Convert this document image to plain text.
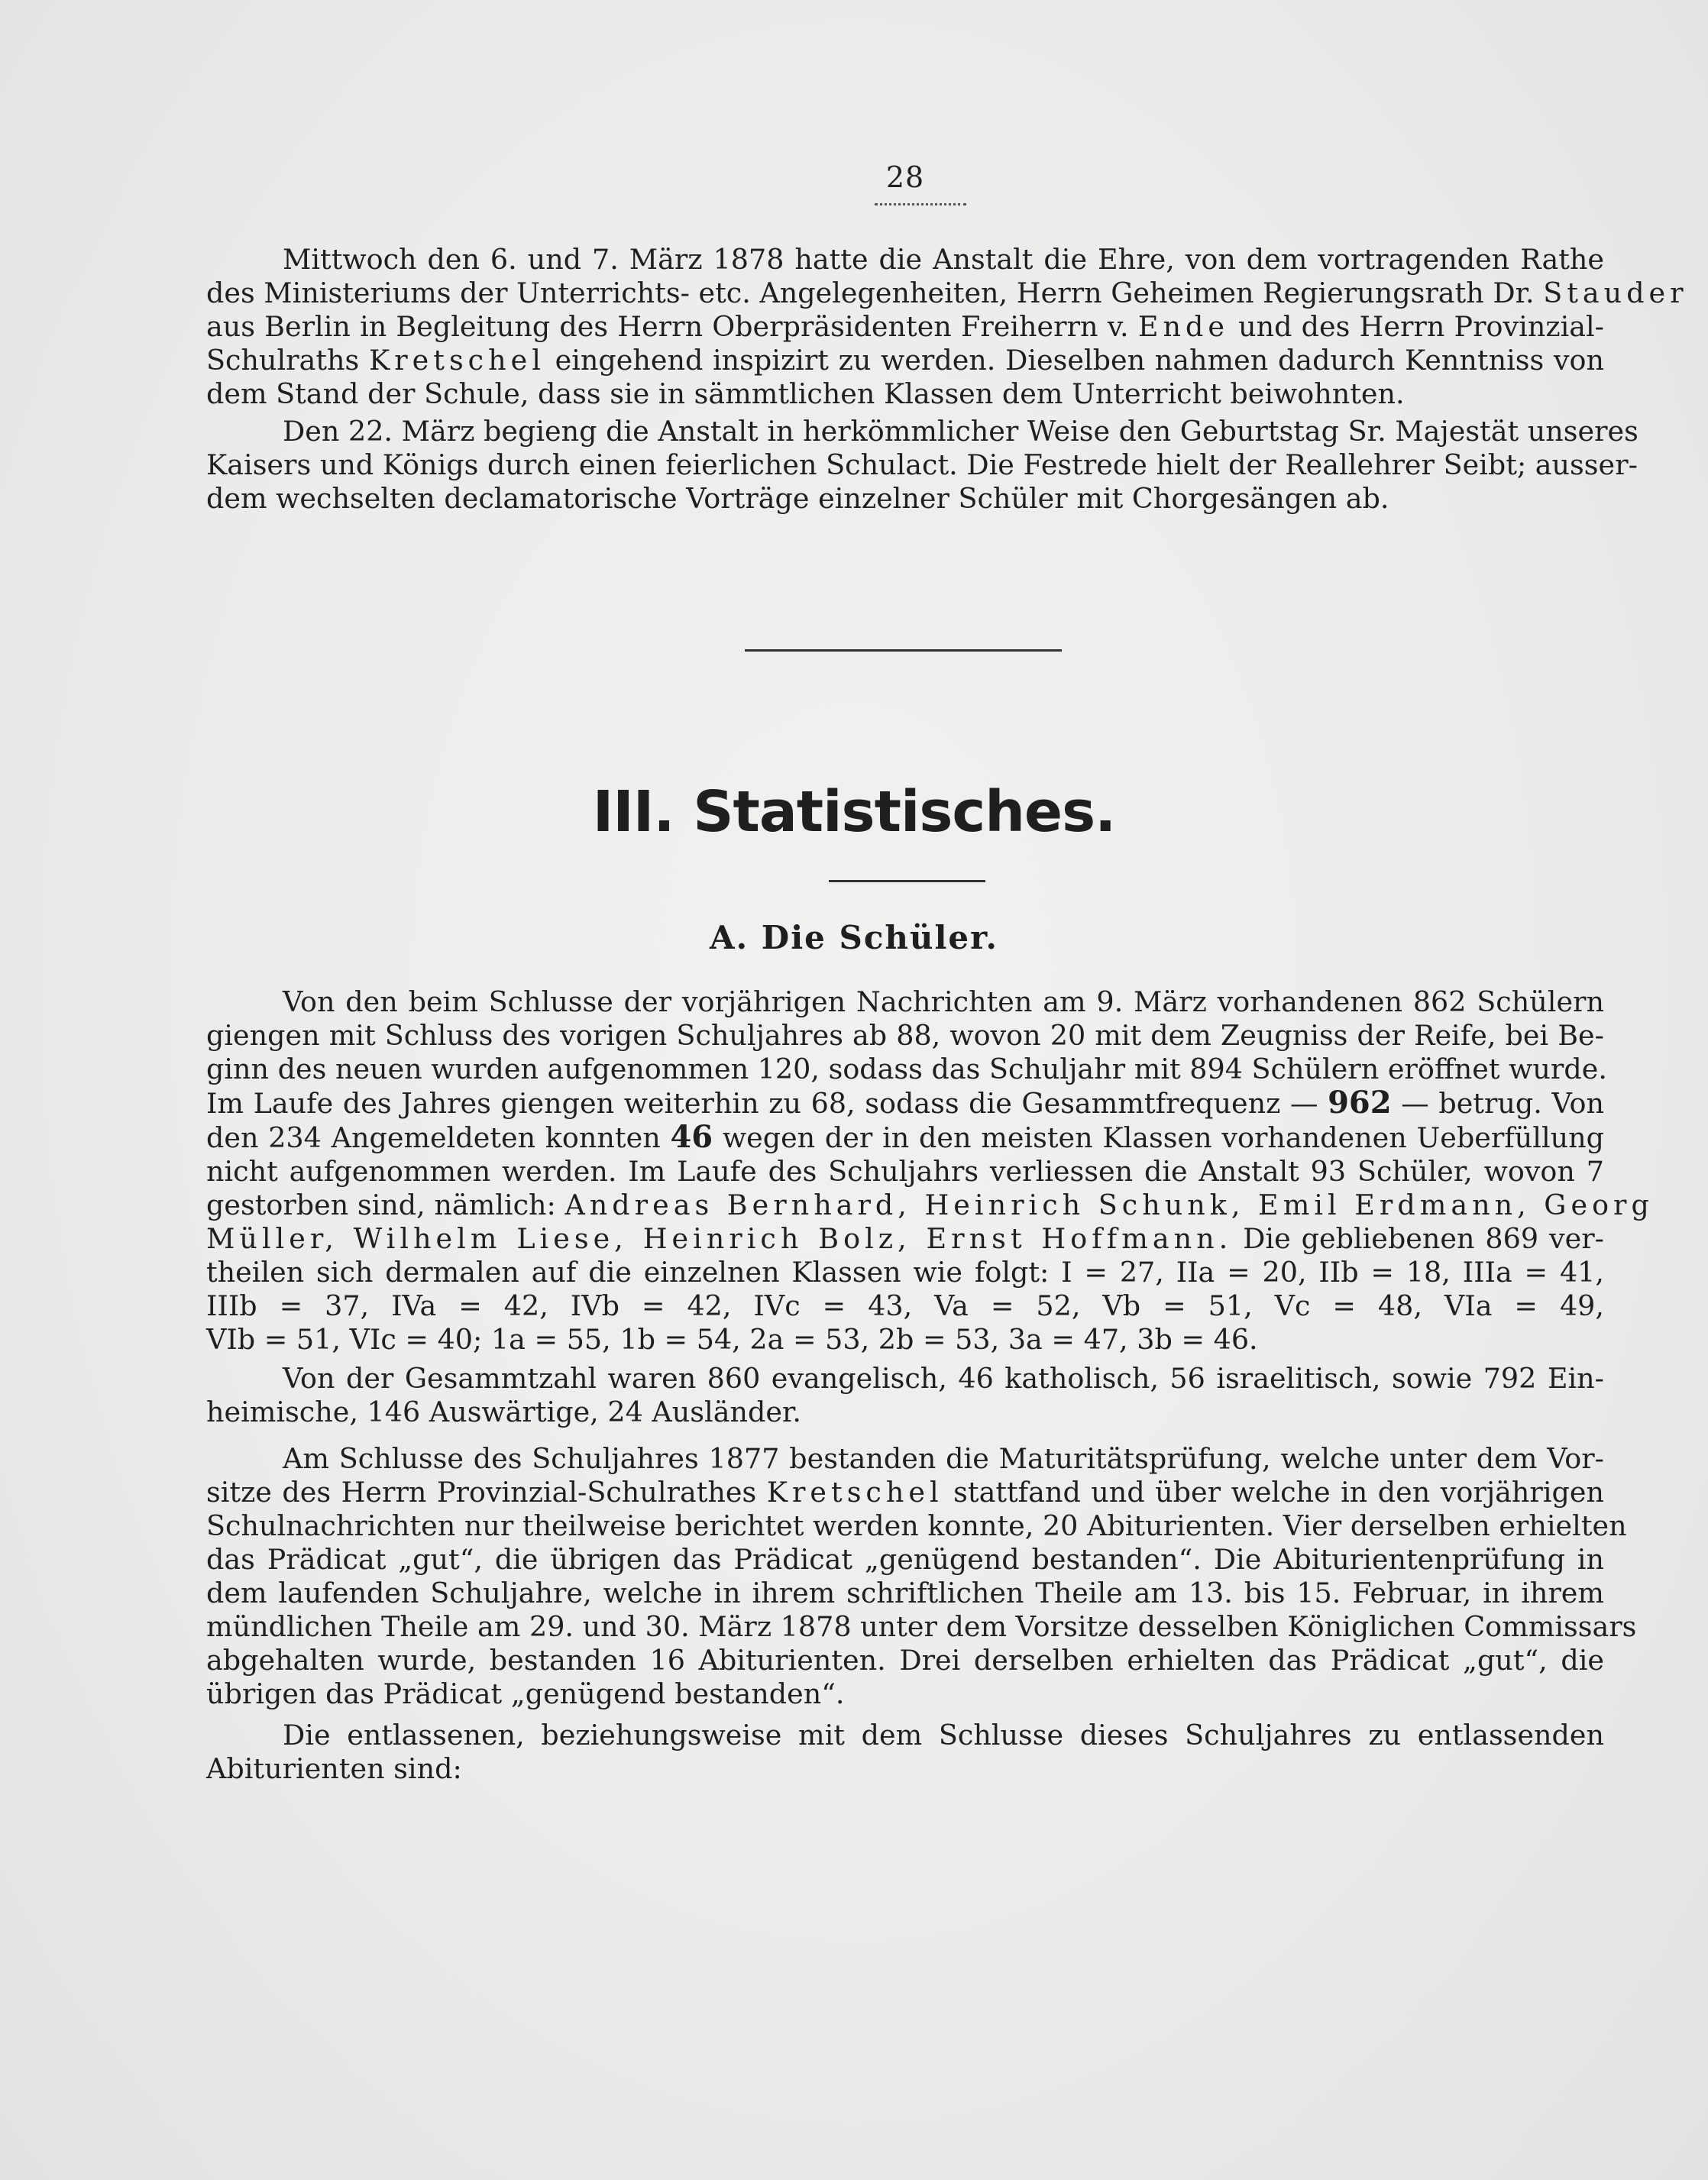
28
Mittwoch den 6. und 7. März 1878 hatte die Anstalt die Ehre, von dem vortragenden Rathe
des Ministeriums der Unterrichts- etc. Angelegenheiten, Herrn Geheimen Regierungsrath Dr. Stauder
aus Berlin in Begleitung des Herrn Oberpräsidenten Freiherrn v. Ende und des Herrn Provinzial-
Schulraths Kretschel eingehend inspizirt zu werden. Dieselben nahmen dadurch Kenntniss von
dem Stand der Schule, dass sie in sämmtlichen Klassen dem Unterricht beiwohnten.
Den 22. März begieng die Anstalt in herkömmlicher Weise den Geburtstag Sr. Majestät unseres
Kaisers und Königs durch einen feierlichen Schulact. Die Festrede hielt der Reallehrer Seibt; ausser-
dem wechselten declamatorische Vorträge einzelner Schüler mit Chorgesängen ab.
III. Statistisches.
A. Die Schüler.
Von den beim Schlusse der vorjährigen Nachrichten am 9. März vorhandenen 862 Schülern
giengen mit Schluss des vorigen Schuljahres ab 88, wovon 20 mit dem Zeugniss der Reife, bei Be-
ginn des neuen wurden aufgenommen 120, sodass das Schuljahr mit 894 Schülern eröffnet wurde.
Im Laufe des Jahres giengen weiterhin zu 68, sodass die Gesammtfrequenz — 962 — betrug. Von
den 234 Angemeldeten konnten 46 wegen der in den meisten Klassen vorhandenen Ueberfüllung
nicht aufgenommen werden. Im Laufe des Schuljahrs verliessen die Anstalt 93 Schüler, wovon 7
gestorben sind, nämlich: Andreas Bernhard, Heinrich Schunk, Emil Erdmann, Georg
Müller, Wilhelm Liese, Heinrich Bolz, Ernst Hoffmann. Die gebliebenen 869 ver-
theilen sich dermalen auf die einzelnen Klassen wie folgt: I = 27, IIa = 20, IIb = 18, IIIa = 41,
IIIb = 37, IVa = 42, IVb = 42, IVc = 43, Va = 52, Vb = 51, Vc = 48, VIa = 49,
VIb = 51, VIc = 40; 1a = 55, 1b = 54, 2a = 53, 2b = 53, 3a = 47, 3b = 46.
Von der Gesammtzahl waren 860 evangelisch, 46 katholisch, 56 israelitisch, sowie 792 Ein-
heimische, 146 Auswärtige, 24 Ausländer.
Am Schlusse des Schuljahres 1877 bestanden die Maturitätsprüfung, welche unter dem Vor-
sitze des Herrn Provinzial-Schulrathes Kretschel stattfand und über welche in den vorjährigen
Schulnachrichten nur theilweise berichtet werden konnte, 20 Abiturienten. Vier derselben erhielten
das Prädicat „gut“, die übrigen das Prädicat „genügend bestanden“. Die Abiturientenprüfung in
dem laufenden Schuljahre, welche in ihrem schriftlichen Theile am 13. bis 15. Februar, in ihrem
mündlichen Theile am 29. und 30. März 1878 unter dem Vorsitze desselben Königlichen Commissars
abgehalten wurde, bestanden 16 Abiturienten. Drei derselben erhielten das Prädicat „gut“, die
übrigen das Prädicat „genügend bestanden“.
Die entlassenen, beziehungsweise mit dem Schlusse dieses Schuljahres zu entlassenden
Abiturienten sind:
